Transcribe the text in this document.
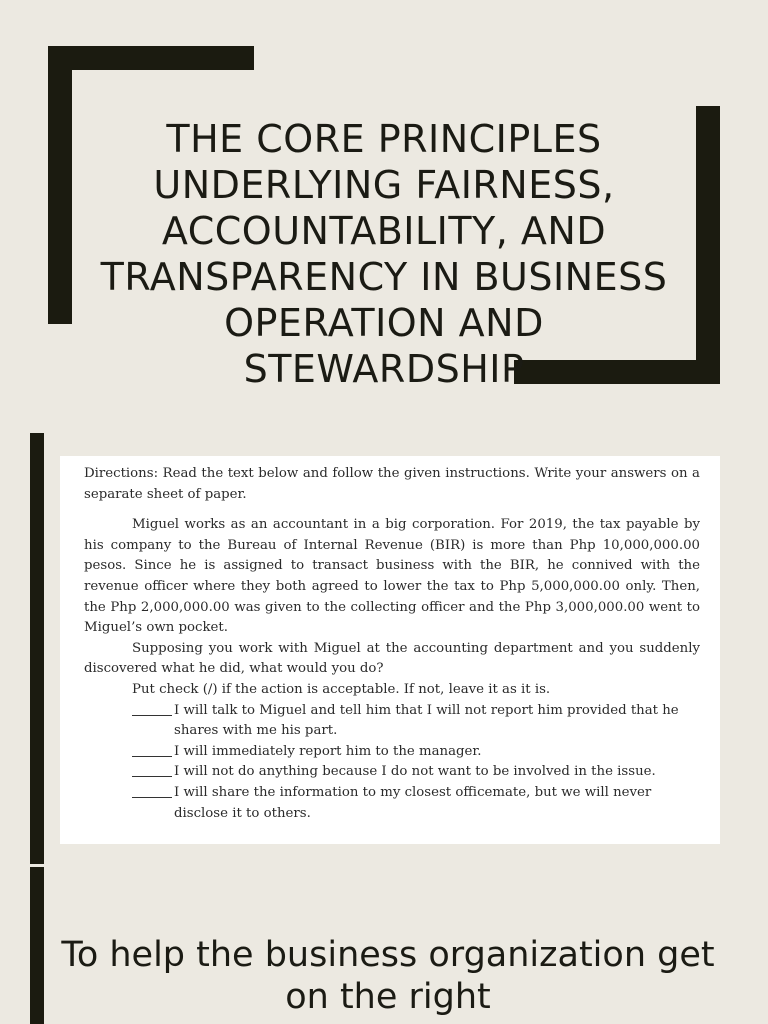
THE CORE PRINCIPLES UNDERLYING FAIRNESS, ACCOUNTABILITY, AND TRANSPARENCY IN BUSINESS OPERATION AND STEWARDSHIP

Directions: Read the text below and follow the given instructions. Write your answers on a separate sheet of paper.

Miguel works as an accountant in a big corporation. For 2019, the tax payable by his company to the Bureau of Internal Revenue (BIR) is more than Php 10,000,000.00 pesos. Since he is assigned to transact business with the BIR, he connived with the revenue officer where they both agreed to lower the tax to Php 5,000,000.00 only. Then, the Php 2,000,000.00 was given to the collecting officer and the Php 3,000,000.00 went to Miguel’s own pocket.

Supposing you work with Miguel at the accounting department and you suddenly discovered what he did, what would you do?

Put check (/) if the action is acceptable. If not, leave it as it is.

I will talk to Miguel and tell him that I will not report him provided that he shares with me his part.
I will immediately report him to the manager.
I will not do anything because I do not want to be involved in the issue.
I will share the information to my closest officemate, but we will never disclose it to others.

To help the business organization get on the right
